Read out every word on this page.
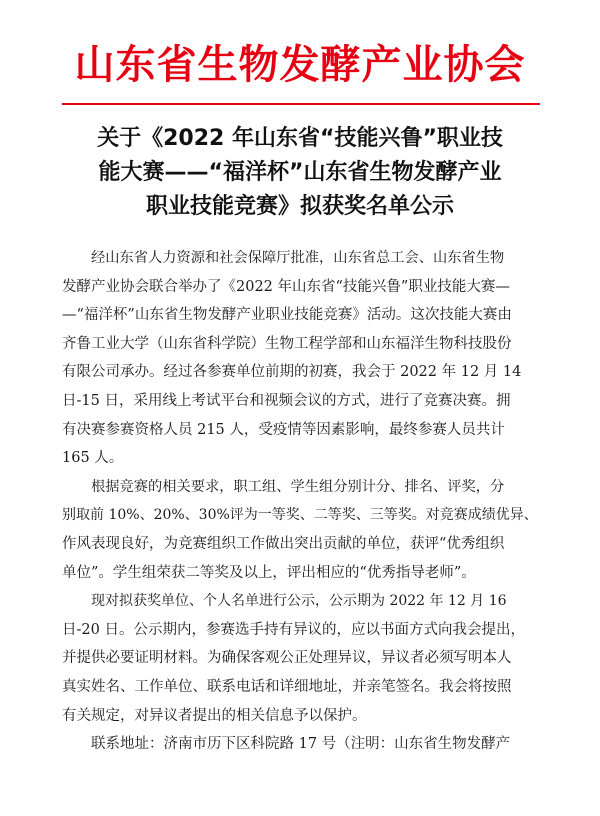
山东省生物发酵产业协会
关于《2022 年山东省“技能兴鲁”职业技
能大赛——“福洋杯”山东省生物发酵产业
职业技能竞赛》拟获奖名单公示

经山东省人力资源和社会保障厅批准，山东省总工会、山东省生物
发酵产业协会联合举办了《2022 年山东省“技能兴鲁”职业技能大赛—
—“福洋杯”山东省生物发酵产业职业技能竞赛》活动。这次技能大赛由
齐鲁工业大学（山东省科学院）生物工程学部和山东福洋生物科技股份
有限公司承办。经过各参赛单位前期的初赛，我会于 2022 年 12 月 14
日-15 日，采用线上考试平台和视频会议的方式，进行了竞赛决赛。拥
有决赛参赛资格人员 215 人，受疫情等因素影响，最终参赛人员共计
165 人。

根据竞赛的相关要求，职工组、学生组分别计分、排名、评奖，分
别取前 10%、20%、30%评为一等奖、二等奖、三等奖。对竞赛成绩优异、
作风表现良好，为竞赛组织工作做出突出贡献的单位，获评“优秀组织
单位”。学生组荣获二等奖及以上，评出相应的“优秀指导老师”。

现对拟获奖单位、个人名单进行公示，公示期为 2022 年 12 月 16
日-20 日。公示期内，参赛选手持有异议的，应以书面方式向我会提出，
并提供必要证明材料。为确保客观公正处理异议，异议者必须写明本人
真实姓名、工作单位、联系电话和详细地址，并亲笔签名。我会将按照
有关规定，对异议者提出的相关信息予以保护。

联系地址：济南市历下区科院路 17 号（注明：山东省生物发酵产
